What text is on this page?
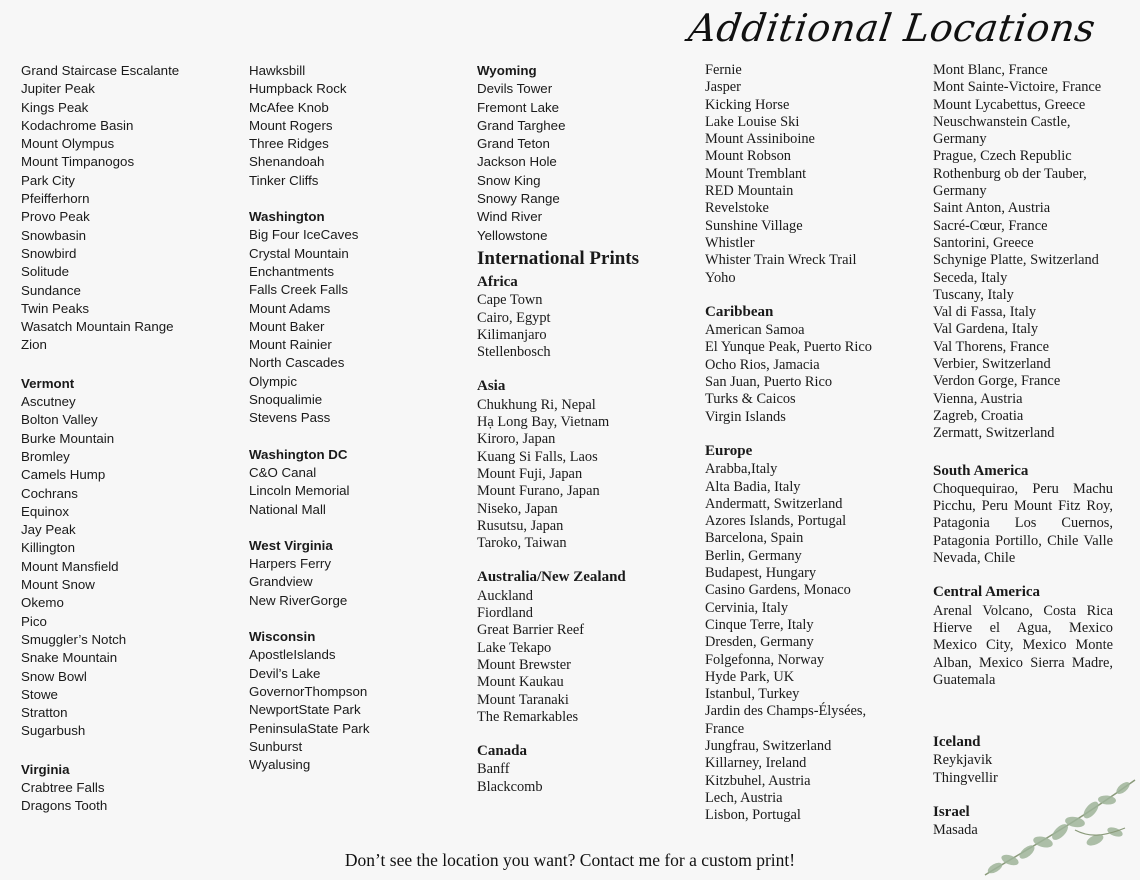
Additional Locations
Grand Staircase Escalante
Jupiter Peak
Kings Peak
Kodachrome Basin
Mount Olympus
Mount Timpanogos
Park City
Pfeifferhorn
Provo Peak
Snowbasin
Snowbird
Solitude
Sundance
Twin Peaks
Wasatch Mountain Range
Zion
Vermont
Ascutney
Bolton Valley
Burke Mountain
Bromley
Camels Hump
Cochrans
Equinox
Jay Peak
Killington
Mount Mansfield
Mount Snow
Okemo
Pico
Smuggler’s Notch
Snake Mountain
Snow Bowl
Stowe
Stratton
Sugarbush
Virginia
Crabtree Falls
Dragons Tooth
Hawksbill
Humpback Rock
McAfee Knob
Mount Rogers
Three Ridges
Shenandoah
Tinker Cliffs
Washington
Big Four IceCaves
Crystal Mountain
Enchantments
Falls Creek Falls
Mount Adams
Mount Baker
Mount Rainier
North Cascades
Olympic
Snoqualimie
Stevens Pass
Washington DC
C&O Canal
Lincoln Memorial
National Mall
West Virginia
Harpers Ferry
Grandview
New RiverGorge
Wisconsin
ApostleIslands
Devil’s Lake
GovernorThompson
NewportState Park
PeninsulaState Park
Sunburst
Wyalusing
Wyoming
Devils Tower
Fremont Lake
Grand Targhee
Grand Teton
Jackson Hole
Snow King
Snowy Range
Wind River
Yellowstone
International Prints
Africa
Cape Town
Cairo, Egypt
Kilimanjaro
Stellenbosch
Asia
Chukhung Ri, Nepal
Hạ Long Bay, Vietnam
Kiroro, Japan
Kuang Si Falls, Laos
Mount Fuji, Japan
Mount Furano, Japan
Niseko, Japan
Rusutsu, Japan
Taroko, Taiwan
Australia/New Zealand
Auckland
Fiordland
Great Barrier Reef
Lake Tekapo
Mount Brewster
Mount Kaukau
Mount Taranaki
The Remarkables
Canada
Banff
Blackcomb
Fernie
Jasper
Kicking Horse
Lake Louise Ski
Mount Assiniboine
Mount Robson
Mount Tremblant
RED Mountain
Revelstoke
Sunshine Village
Whistler
Whister Train Wreck Trail
Yoho
Caribbean
American Samoa
El Yunque Peak, Puerto Rico
Ocho Rios, Jamacia
San Juan, Puerto Rico
Turks & Caicos
Virgin Islands
Europe
Arabba,Italy
Alta Badia, Italy
Andermatt, Switzerland
Azores Islands, Portugal
Barcelona, Spain
Berlin, Germany
Budapest, Hungary
Casino Gardens, Monaco
Cervinia, Italy
Cinque Terre, Italy
Dresden, Germany
Folgefonna, Norway
Hyde Park, UK
Istanbul, Turkey
Jardin des Champs-Élysées,
France
Jungfrau, Switzerland
Killarney, Ireland
Kitzbuhel, Austria
Lech, Austria
Lisbon, Portugal
Mont Blanc, France
Mont Sainte-Victoire, France
Mount Lycabettus, Greece
Neuschwanstein Castle,
Germany
Prague, Czech Republic
Rothenburg ob der Tauber,
Germany
Saint Anton, Austria
Sacré-Cœur, France
Santorini, Greece
Schynige Platte, Switzerland
Seceda, Italy
Tuscany, Italy
Val di Fassa, Italy
Val Gardena, Italy
Val Thorens, France
Verbier, Switzerland
Verdon Gorge, France
Vienna, Austria
Zagreb, Croatia
Zermatt, Switzerland
South America
Choquequirao, Peru Machu Picchu, Peru Mount Fitz Roy, Patagonia Los Cuernos, Patagonia Portillo, Chile Valle Nevada, Chile
Central America
Arenal Volcano, Costa Rica Hierve el Agua, Mexico Mexico City, Mexico Monte Alban, Mexico Sierra Madre, Guatemala
Iceland
Reykjavik
Thingvellir
Israel
Masada
Don’t see the location you want? Contact me for a custom print!
